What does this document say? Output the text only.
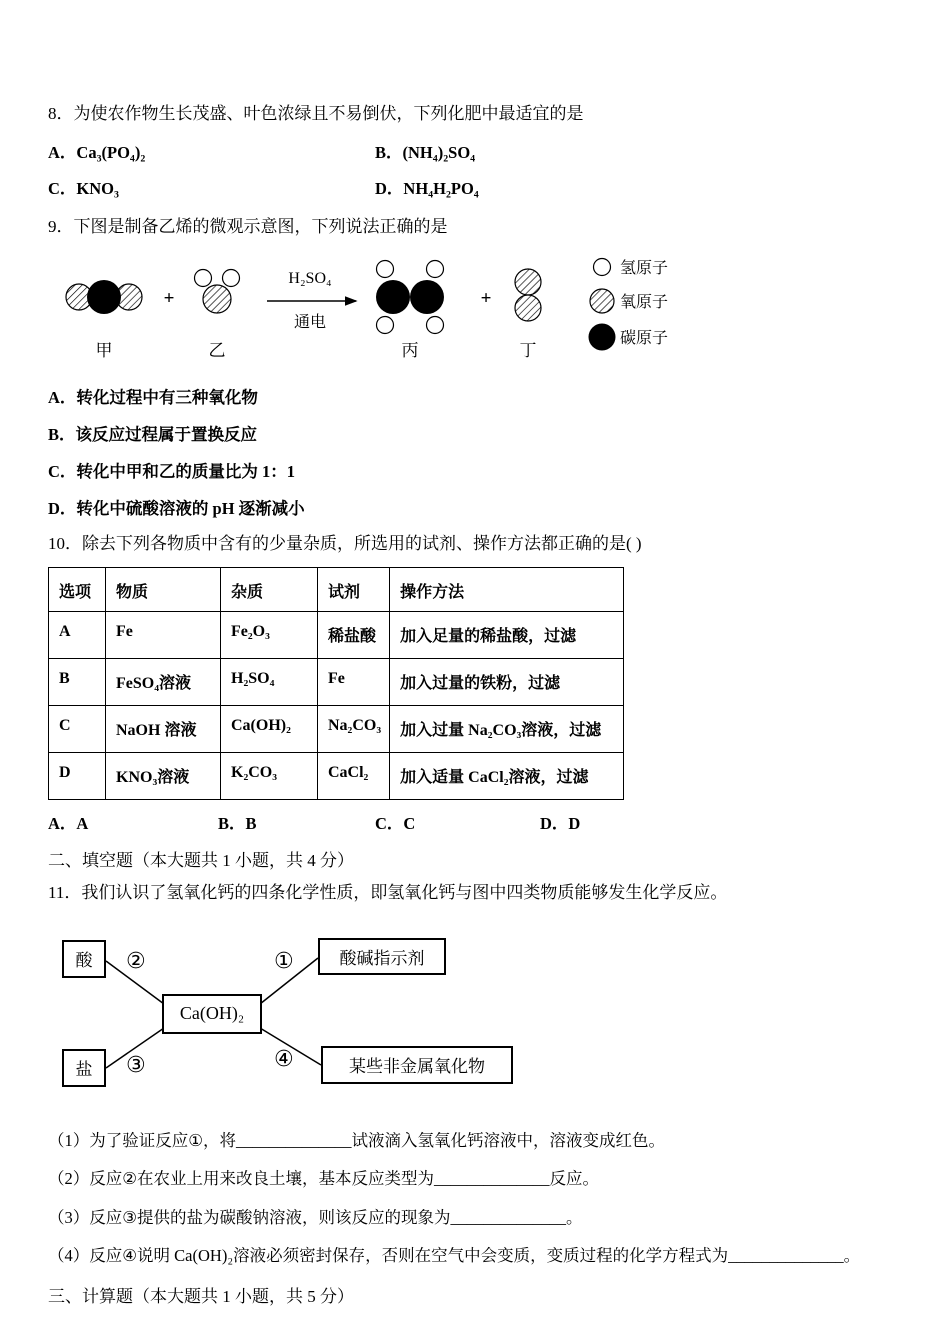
8．为使农作物生长茂盛、叶色浓绿且不易倒伏，下列化肥中最适宜的是
A．Ca₃(PO₄)₂	B．(NH₄)₂SO₄
C．KNO₃	D．NH₄H₂PO₄
9．下图是制备乙烯的微观示意图，下列说法正确的是
甲
+
乙
H₂SO₄
通电
丙
+
丁
氢原子
氧原子
碳原子
A．转化过程中有三种氧化物
B．该反应过程属于置换反应
C．转化中甲和乙的质量比为 1：1
D．转化中硫酸溶液的 pH 逐渐减小
10．除去下列各物质中含有的少量杂质，所选用的试剂、操作方法都正确的是( )
选项	物质	杂质	试剂	操作方法
A	Fe	Fe₂O₃	稀盐酸	加入足量的稀盐酸，过滤
B	FeSO₄溶液	H₂SO₄	Fe	加入过量的铁粉，过滤
C	NaOH 溶液	Ca(OH)₂	Na₂CO₃	加入过量 Na₂CO₃溶液，过滤
D	KNO₃溶液	K₂CO₃	CaCl₂	加入适量 CaCl₂溶液，过滤
A．A	B．B	C．C	D．D
二、填空题（本大题共 1 小题，共 4 分）
11．我们认识了氢氧化钙的四条化学性质，即氢氧化钙与图中四类物质能够发生化学反应。
酸	酸碱指示剂
Ca(OH)₂
盐	某些非金属氧化物
②	①
③	④
（1）为了验证反应①，将______________试液滴入氢氧化钙溶液中，溶液变成红色。
（2）反应②在农业上用来改良土壤，基本反应类型为______________反应。
（3）反应③提供的盐为碳酸钠溶液，则该反应的现象为______________。
（4）反应④说明 Ca(OH)₂溶液必须密封保存，否则在空气中会变质，变质过程的化学方程式为______________。
三、计算题（本大题共 1 小题，共 5 分）
